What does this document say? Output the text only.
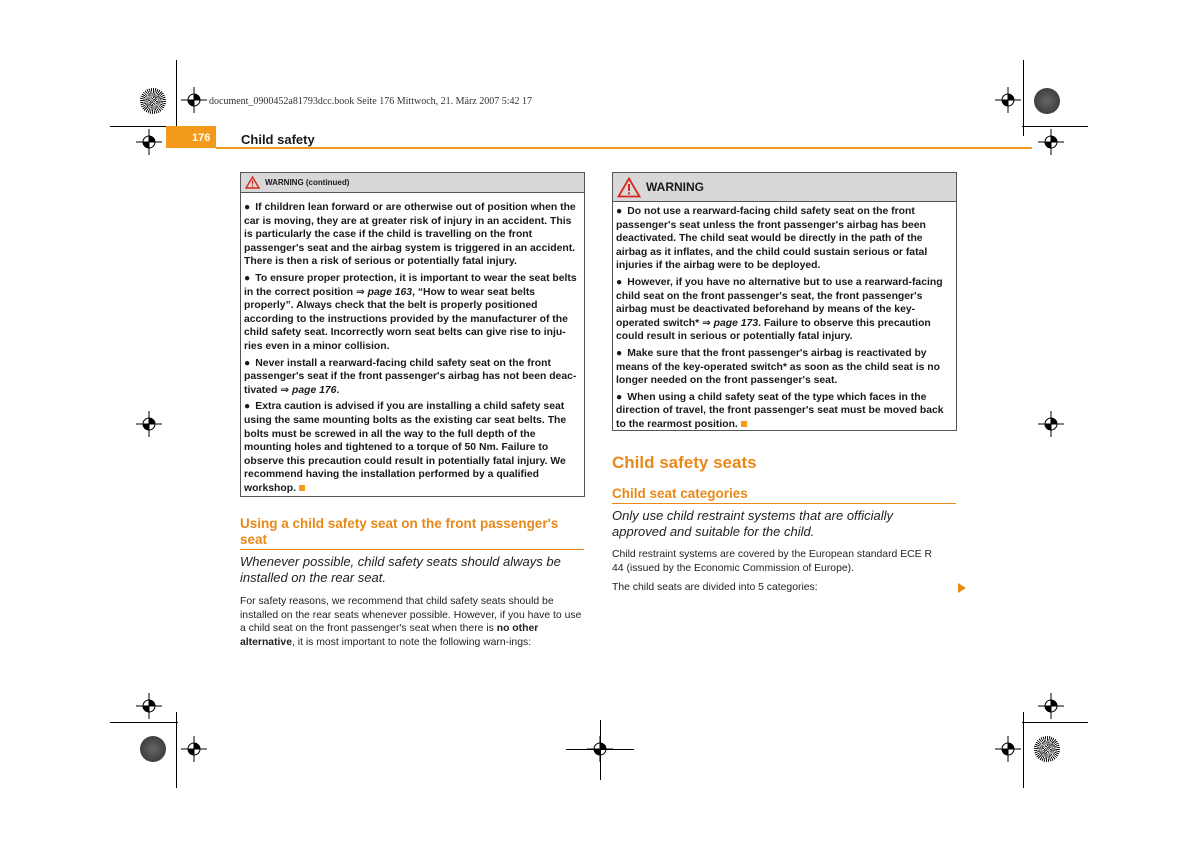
document_0900452a81793dcc.book Seite 176 Mittwoch, 21. März 2007 5:42 17
176 Child safety
WARNING (continued)

● If children lean forward or are otherwise out of position when the car is moving, they are at greater risk of injury in an accident. This is particularly the case if the child is travelling on the front passenger's seat and the airbag system is triggered in an accident. There is then a risk of serious or potentially fatal injury.

● To ensure proper protection, it is important to wear the seat belts in the correct position ⇒ page 163, “How to wear seat belts properly”. Always check that the belt is properly positioned according to the instructions provided by the manufacturer of the child safety seat. Incorrectly worn seat belts can give rise to inju-ries even in a minor collision.

● Never install a rearward-facing child safety seat on the front passenger's seat if the front passenger's airbag has not been deac-tivated ⇒ page 176.

● Extra caution is advised if you are installing a child safety seat using the same mounting bolts as the existing car seat belts. The bolts must be screwed in all the way to the full depth of the mounting holes and tightened to a torque of 50 Nm. Failure to observe this precaution could result in potentially fatal injury. We recommend having the installation performed by a qualified workshop.

Using a child safety seat on the front passenger's seat
Whenever possible, child safety seats should always be installed on the rear seat.
For safety reasons, we recommend that child safety seats should be installed on the rear seats whenever possible. However, if you have to use a child seat on the front passenger's seat when there is no other alternative, it is most important to note the following warn-ings:
WARNING

● Do not use a rearward-facing child safety seat on the front passenger's seat unless the front passenger's airbag has been deactivated. The child seat would be directly in the path of the airbag as it inflates, and the child could sustain serious or fatal injuries if the airbag were to be deployed.

● However, if you have no alternative but to use a rearward-facing child seat on the front passenger's seat, the front passenger's airbag must be deactivated beforehand by means of the key-operated switch* ⇒ page 173. Failure to observe this precaution could result in serious or potentially fatal injury.

● Make sure that the front passenger's airbag is reactivated by means of the key-operated switch* as soon as the child seat is no longer needed on the front passenger's seat.

● When using a child safety seat of the type which faces in the direction of travel, the front passenger's seat must be moved back to the rearmost position.

Child safety seats
Child seat categories
Only use child restraint systems that are officially approved and suitable for the child.

Child restraint systems are covered by the European standard ECE R 44 (issued by the Economic Commission of Europe).

The child seats are divided into 5 categories:
